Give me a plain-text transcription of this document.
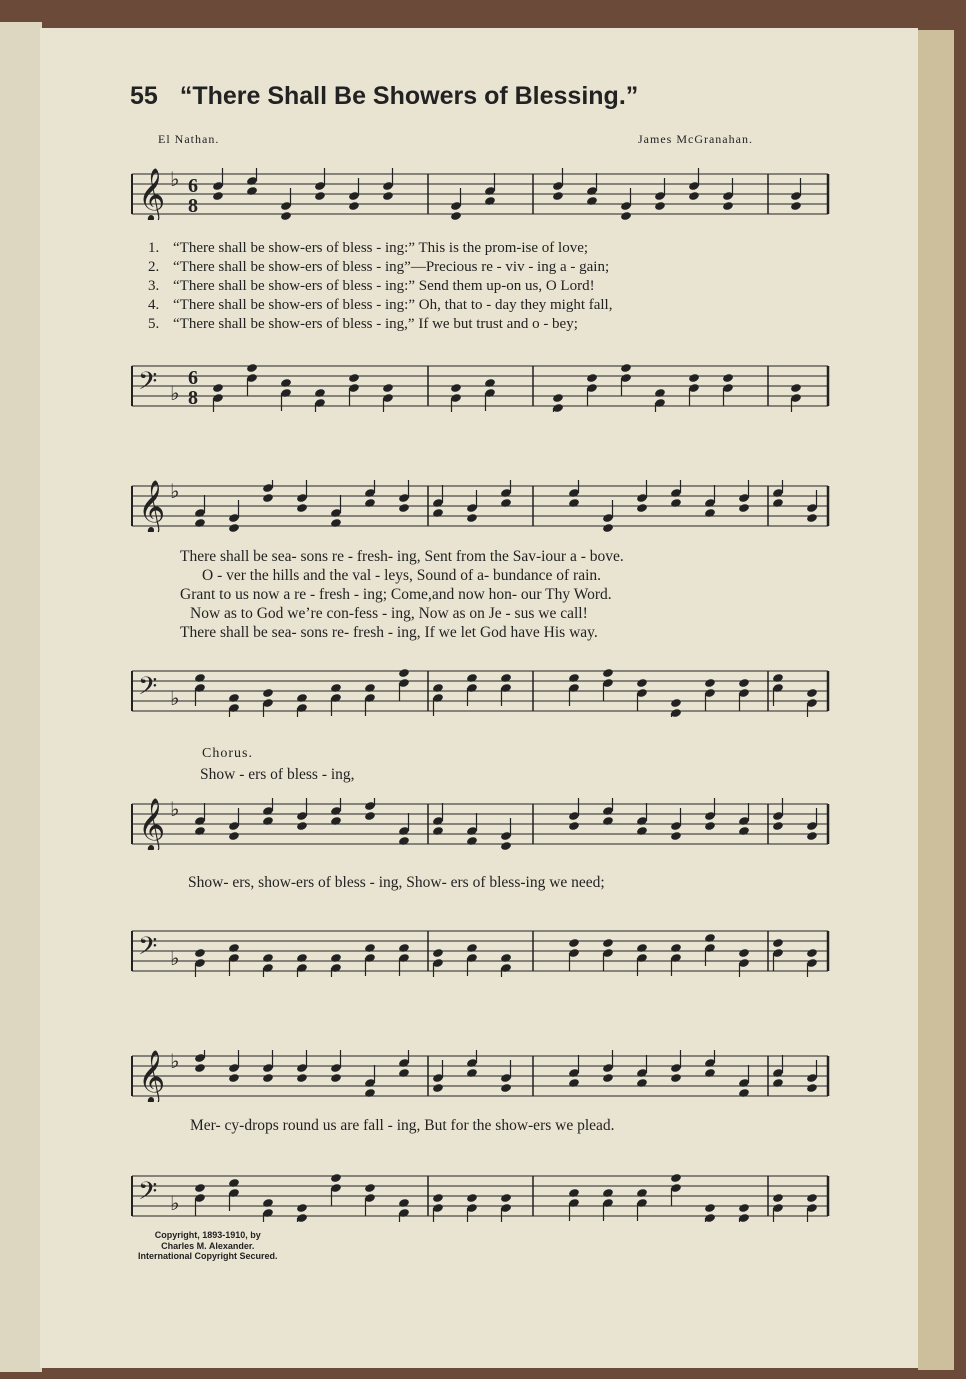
55 “There Shall Be Showers of Blessing.”
El Nathan.	James McGranahan.
𝄞 ♭ 6
8
1. “There shall be show-ers of bless - ing:” This is the prom-ise of love;
2. “There shall be show-ers of bless - ing”—Precious re - viv - ing a - gain;
3. “There shall be show-ers of bless - ing:” Send them up-on us, O Lord!
4. “There shall be show-ers of bless - ing:” Oh, that to - day they might fall,
5. “There shall be show-ers of bless - ing,” If we but trust and o - bey;
𝄢 ♭
6
8
𝄞 ♭
There shall be sea- sons re - fresh- ing, Sent from the Sav-iour a - bove.
O - ver the hills and the val - leys, Sound of a- bundance of rain.
Grant to us now a re - fresh - ing; Come,and now hon- our Thy Word.
Now as to God we’re con-fess - ing, Now as on Je - sus we call!
There shall be sea- sons re- fresh - ing, If we let God have His way.
𝄢 ♭
Chorus.
Show - ers of bless - ing,
𝄞 ♭
Show- ers, show-ers of bless - ing, Show- ers of bless-ing we need;
𝄢 ♭
𝄞 ♭
Mer- cy-drops round us are fall - ing, But for the show-ers we plead.
𝄢 ♭
Copyright, 1893-1910, by
Charles M. Alexander.
International Copyright Secured.
